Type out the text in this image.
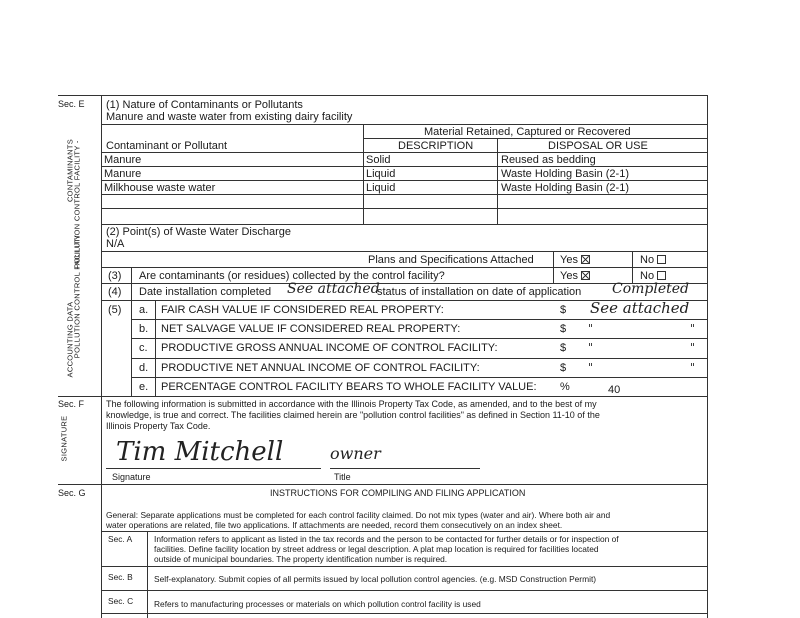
Sec. E
POLLUTION CONTROL FACILITY -
CONTAMINANTS
POLLUTION CONTROL FACILITY
ACCOUNTING DATA
(1) Nature of Contaminants or Pollutants
Manure and waste water from existing dairy facility
Material Retained, Captured or Recovered
Contaminant or Pollutant	DESCRIPTION	DISPOSAL OR USE
Manure	Solid	Reused as bedding
Manure	Liquid	Waste Holding Basin (2-1)
Milkhouse waste water	Liquid	Waste Holding Basin (2-1)
(2) Point(s) of Waste Water Discharge
N/A
Plans and Specifications Attached Yes	No
(3) Are contaminants (or residues) collected by the control facility?	Yes	No
(4) Date installation completed See attached
status of installation on date of application Completed
(5) a. FAIR CASH VALUE IF CONSIDERED REAL PROPERTY:	$ See attached
b. NET SALVAGE VALUE IF CONSIDERED REAL PROPERTY:	$ "	"
c. PRODUCTIVE GROSS ANNUAL INCOME OF CONTROL FACILITY:	$ "	"
d. PRODUCTIVE NET ANNUAL INCOME OF CONTROL FACILITY:	$ "	"
e. PERCENTAGE CONTROL FACILITY BEARS TO WHOLE FACILITY VALUE: %	40
Sec. F
SIGNATURE
The following information is submitted in accordance with the Illinois Property Tax Code, as amended, and to the best of my
knowledge, is true and correct. The facilities claimed herein are "pollution control facilities" as defined in Section 11-10 of the
Illinois Property Tax Code.
Tim Mitchell	owner
Signature	Title
Sec. G	INSTRUCTIONS FOR COMPILING AND FILING APPLICATION
General: Separate applications must be completed for each control facility claimed. Do not mix types (water and air). Where both air and
water operations are related, file two applications. If attachments are needed, record them consecutively on an index sheet.
Sec. A	Information refers to applicant as listed in the tax records and the person to be contacted for further details or for inspection of
facilities. Define facility location by street address or legal description. A plat map location is required for facilities located
outside of municipal boundaries. The property identification number is required.
Sec. B	Self-explanatory. Submit copies of all permits issued by local pollution control agencies. (e.g. MSD Construction Permit)
Sec. C Refers to manufacturing processes or materials on which pollution control facility is used
